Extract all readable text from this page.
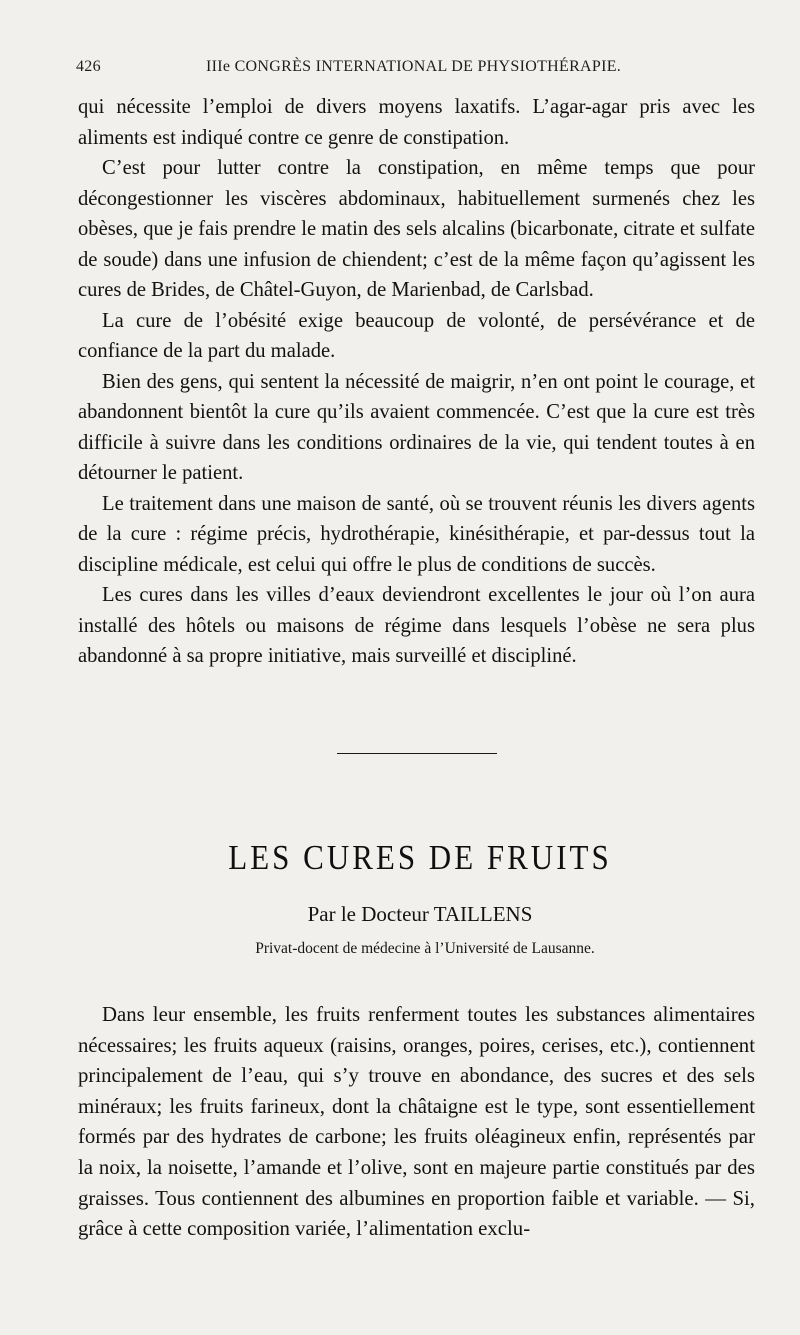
426	IIIe CONGRÈS INTERNATIONAL DE PHYSIOTHÉRAPIE.

qui nécessite l’emploi de divers moyens laxatifs. L’agar-agar pris avec les aliments est indiqué contre ce genre de constipation.

C’est pour lutter contre la constipation, en même temps que pour décongestionner les viscères abdominaux, habituellement surmenés chez les obèses, que je fais prendre le matin des sels alcalins (bicarbonate, citrate et sulfate de soude) dans une infusion de chiendent; c’est de la même façon qu’agissent les cures de Brides, de Châtel-Guyon, de Marienbad, de Carlsbad.

La cure de l’obésité exige beaucoup de volonté, de persévérance et de confiance de la part du malade.

Bien des gens, qui sentent la nécessité de maigrir, n’en ont point le courage, et abandonnent bientôt la cure qu’ils avaient commencée. C’est que la cure est très difficile à suivre dans les conditions ordinaires de la vie, qui tendent toutes à en détourner le patient.

Le traitement dans une maison de santé, où se trouvent réunis les divers agents de la cure : régime précis, hydrothérapie, kinésithérapie, et par-dessus tout la discipline médicale, est celui qui offre le plus de conditions de succès.

Les cures dans les villes d’eaux deviendront excellentes le jour où l’on aura installé des hôtels ou maisons de régime dans lesquels l’obèse ne sera plus abandonné à sa propre initiative, mais surveillé et discipliné.

LES CURES DE FRUITS
Par le Docteur TAILLENS
Privat-docent de médecine à l’Université de Lausanne.

Dans leur ensemble, les fruits renferment toutes les substances alimentaires nécessaires; les fruits aqueux (raisins, oranges, poires, cerises, etc.), contiennent principalement de l’eau, qui s’y trouve en abondance, des sucres et des sels minéraux; les fruits farineux, dont la châtaigne est le type, sont essentiellement formés par des hydrates de carbone; les fruits oléagineux enfin, représentés par la noix, la noisette, l’amande et l’olive, sont en majeure partie constitués par des graisses. Tous contiennent des albumines en proportion faible et variable. — Si, grâce à cette composition variée, l’alimentation exclu-
